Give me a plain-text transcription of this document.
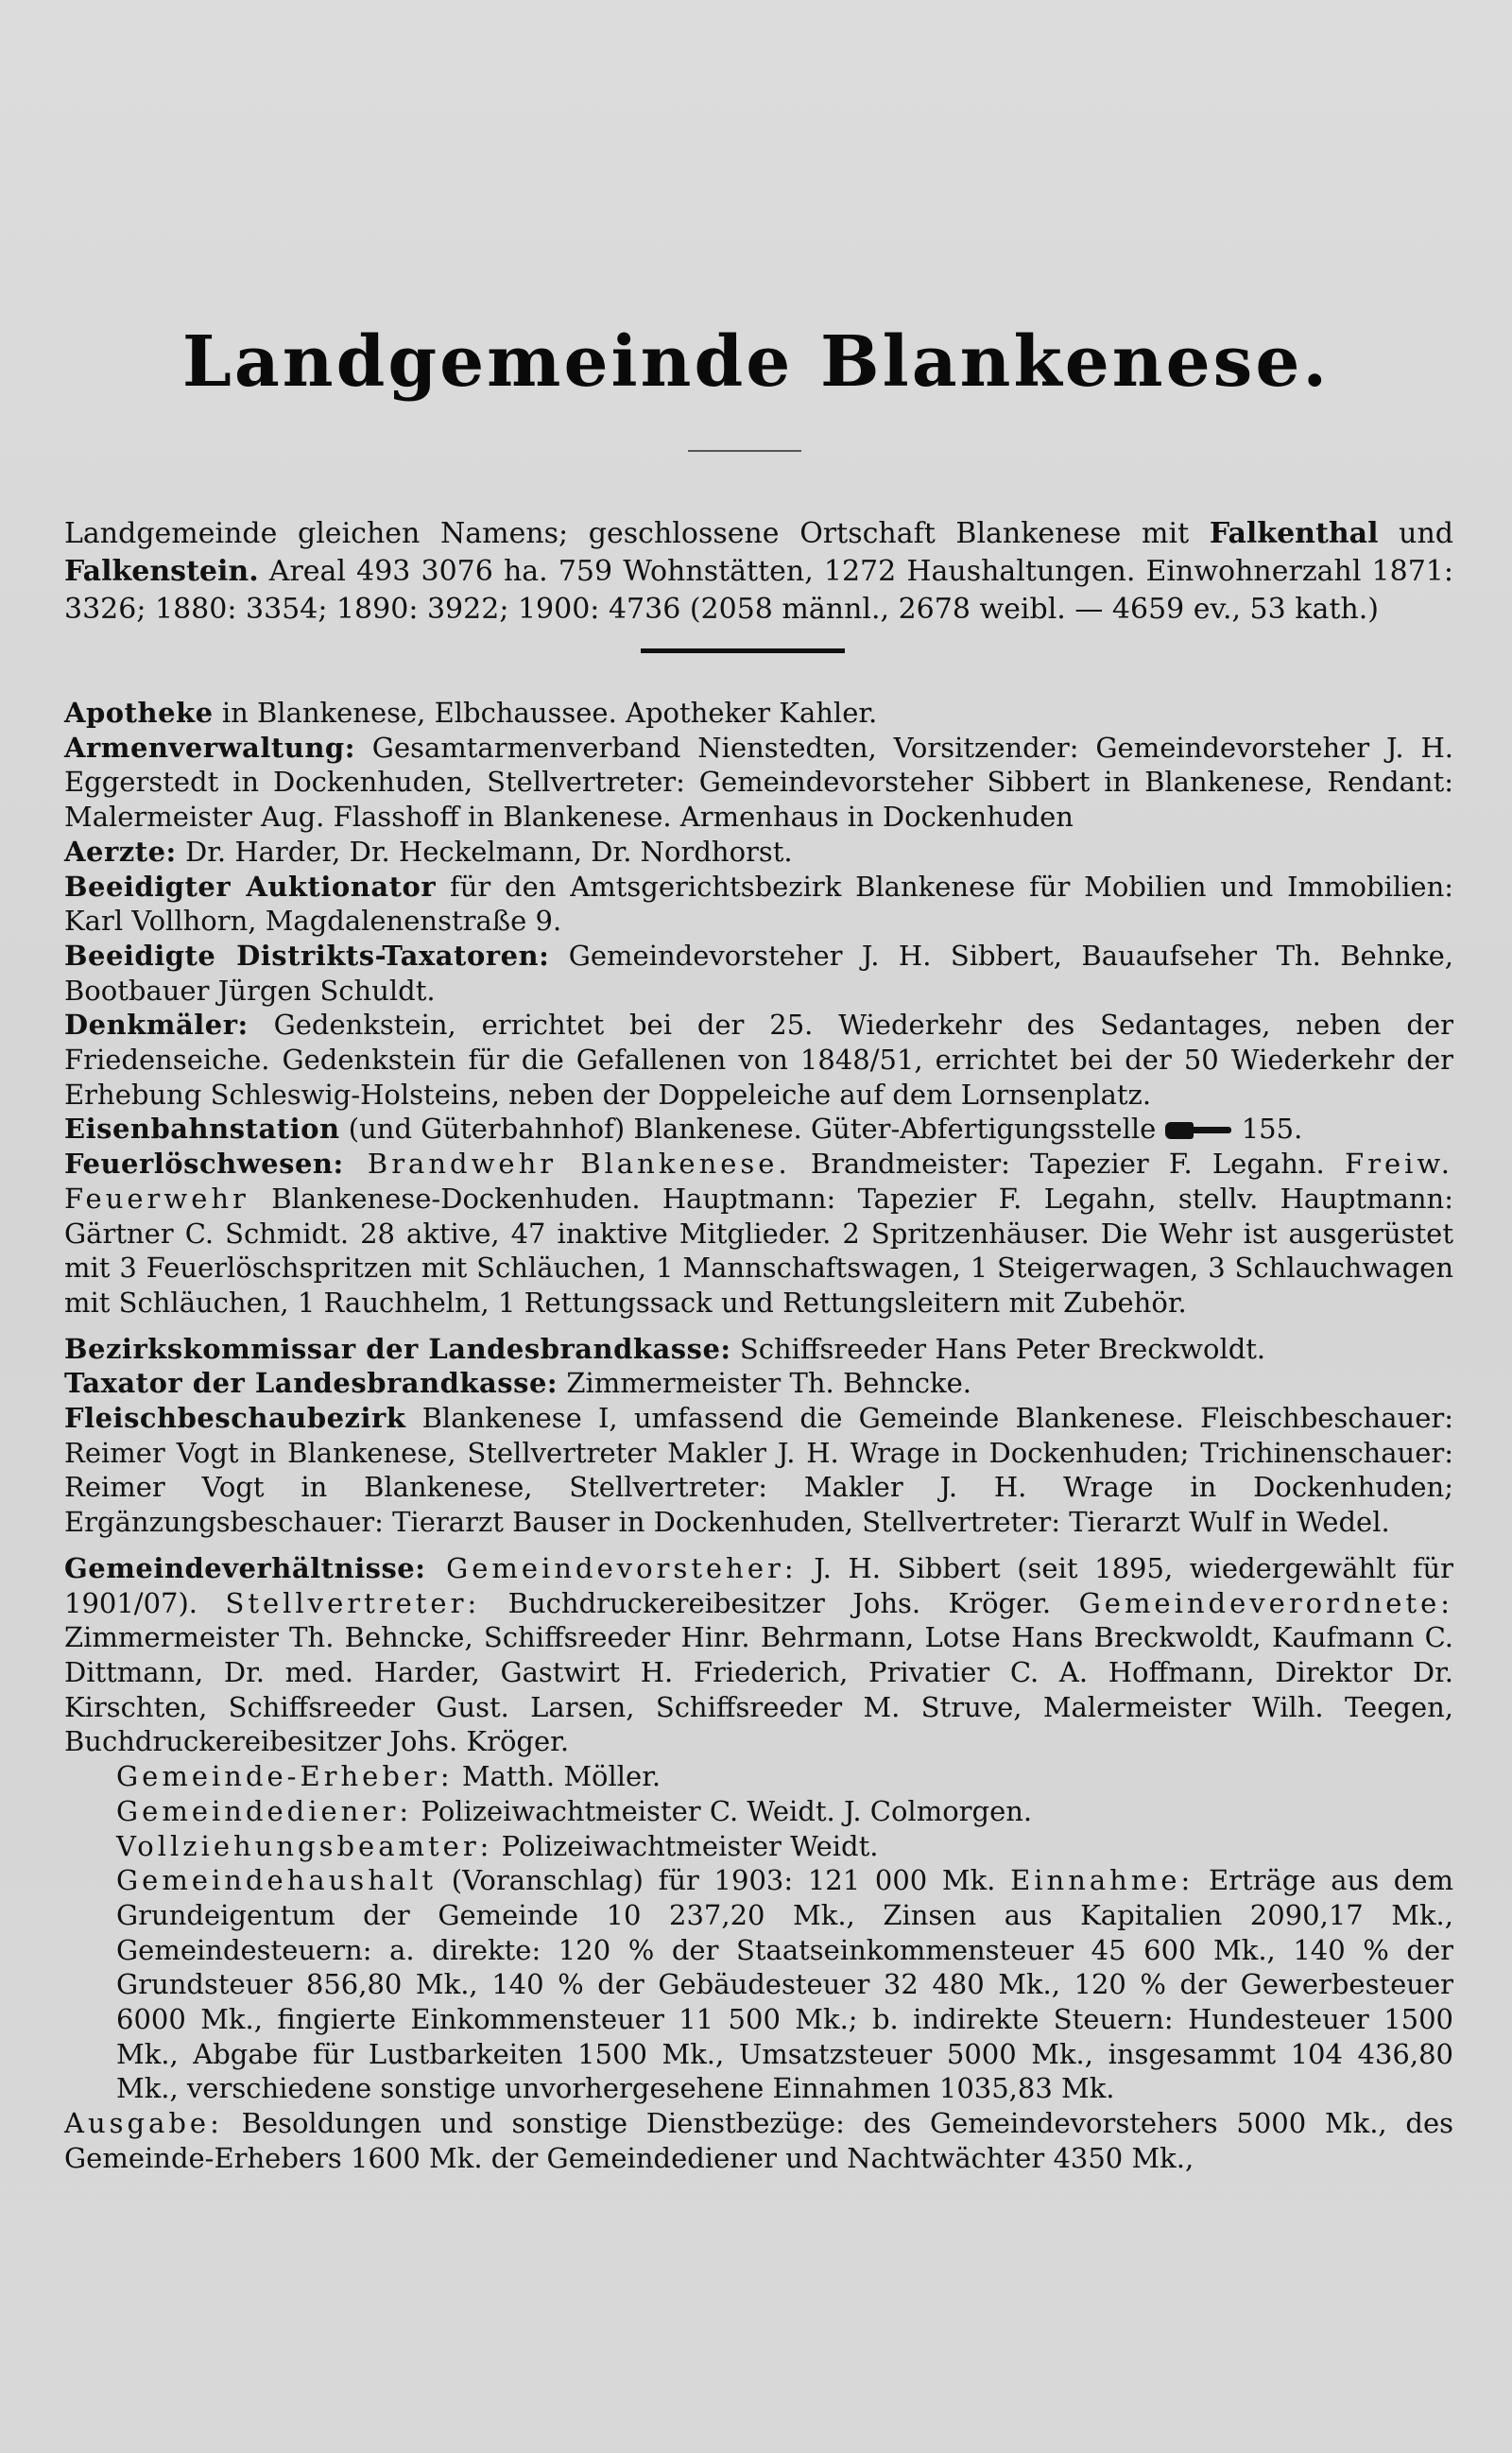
Landgemeinde Blankenese.

Landgemeinde gleichen Namens; geschlossene Ortschaft Blankenese mit Falkenthal und Falkenstein. Areal 493 3076 ha. 759 Wohnstätten, 1272 Haushaltungen. Einwohnerzahl 1871: 3326; 1880: 3354; 1890: 3922; 1900: 4736 (2058 männl., 2678 weibl. — 4659 ev., 53 kath.)

Apotheke in Blankenese, Elbchaussee. Apotheker Kahler.

Armenverwaltung: Gesamtarmenverband Nienstedten, Vorsitzender: Gemeindevorsteher J. H. Eggerstedt in Dockenhuden, Stellvertreter: Gemeindevorsteher Sibbert in Blankenese, Rendant: Malermeister Aug. Flasshoff in Blankenese. Armenhaus in Dockenhuden

Aerzte: Dr. Harder, Dr. Heckelmann, Dr. Nordhorst.

Beeidigter Auktionator für den Amtsgerichtsbezirk Blankenese für Mobilien und Immobilien: Karl Vollhorn, Magdalenenstraße 9.

Beeidigte Distrikts-Taxatoren: Gemeindevorsteher J. H. Sibbert, Bauaufseher Th. Behnke, Bootbauer Jürgen Schuldt.

Denkmäler: Gedenkstein, errichtet bei der 25. Wiederkehr des Sedantages, neben der Friedenseiche. Gedenkstein für die Gefallenen von 1848/51, errichtet bei der 50 Wiederkehr der Erhebung Schleswig-Holsteins, neben der Doppeleiche auf dem Lornsenplatz.

Eisenbahnstation (und Güterbahnhof) Blankenese. Güter-Abfertigungsstelle  155.

Feuerlöschwesen: Brandwehr Blankenese. Brandmeister: Tapezier F. Legahn. Freiw. Feuerwehr Blankenese-Dockenhuden. Hauptmann: Tapezier F. Legahn, stellv. Hauptmann: Gärtner C. Schmidt. 28 aktive, 47 inaktive Mitglieder. 2 Spritzenhäuser. Die Wehr ist ausgerüstet mit 3 Feuerlöschspritzen mit Schläuchen, 1 Mannschaftswagen, 1 Steigerwagen, 3 Schlauchwagen mit Schläuchen, 1 Rauchhelm, 1 Rettungssack und Rettungsleitern mit Zubehör.

Bezirkskommissar der Landesbrandkasse: Schiffsreeder Hans Peter Breckwoldt.

Taxator der Landesbrandkasse: Zimmermeister Th. Behncke.

Fleischbeschaubezirk Blankenese I, umfassend die Gemeinde Blankenese. Fleischbeschauer: Reimer Vogt in Blankenese, Stellvertreter Makler J. H. Wrage in Dockenhuden; Trichinenschauer: Reimer Vogt in Blankenese, Stellvertreter: Makler J. H. Wrage in Dockenhuden; Ergänzungsbeschauer: Tierarzt Bauser in Dockenhuden, Stellvertreter: Tierarzt Wulf in Wedel.

Gemeindeverhältnisse: Gemeindevorsteher: J. H. Sibbert (seit 1895, wiedergewählt für 1901/07). Stellvertreter: Buchdruckereibesitzer Johs. Kröger. Gemeindeverordnete: Zimmermeister Th. Behncke, Schiffsreeder Hinr. Behrmann, Lotse Hans Breckwoldt, Kaufmann C. Dittmann, Dr. med. Harder, Gastwirt H. Friederich, Privatier C. A. Hoffmann, Direktor Dr. Kirschten, Schiffsreeder Gust. Larsen, Schiffsreeder M. Struve, Malermeister Wilh. Teegen, Buchdruckereibesitzer Johs. Kröger.

Gemeinde-Erheber: Matth. Möller.

Gemeindediener: Polizeiwachtmeister C. Weidt. J. Colmorgen.

Vollziehungsbeamter: Polizeiwachtmeister Weidt.

Gemeindehaushalt (Voranschlag) für 1903: 121 000 Mk. Einnahme: Erträge aus dem Grundeigentum der Gemeinde 10 237,20 Mk., Zinsen aus Kapitalien 2090,17 Mk., Gemeindesteuern: a. direkte: 120 % der Staatseinkommensteuer 45 600 Mk., 140 % der Grundsteuer 856,80 Mk., 140 % der Gebäudesteuer 32 480 Mk., 120 % der Gewerbesteuer 6000 Mk., fingierte Einkommensteuer 11 500 Mk.; b. indirekte Steuern: Hundesteuer 1500 Mk., Abgabe für Lustbarkeiten 1500 Mk., Umsatzsteuer 5000 Mk., insgesammt 104 436,80 Mk., verschiedene sonstige unvorhergesehene Einnahmen 1035,83 Mk.

Ausgabe: Besoldungen und sonstige Dienstbezüge: des Gemeindevorstehers 5000 Mk., des Gemeinde-Erhebers 1600 Mk. der Gemeindediener und Nachtwächter 4350 Mk.,
